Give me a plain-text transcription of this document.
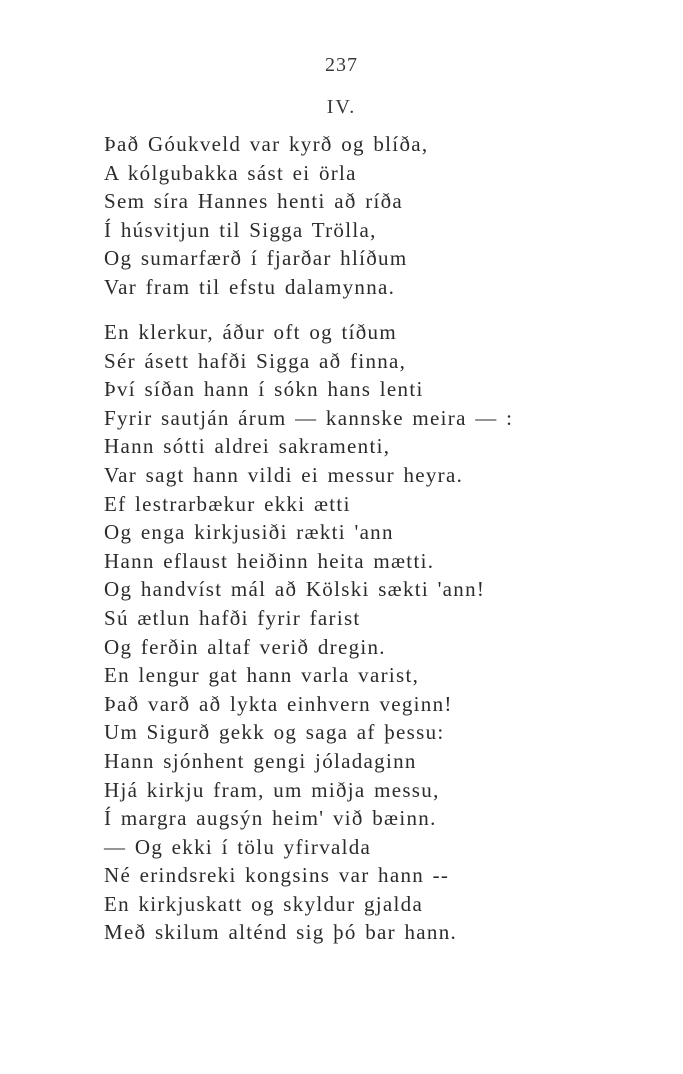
237
IV.
Það Góukveld var kyrð og blíða,
A kólgubakka sást ei örla
Sem síra Hannes henti að ríða
Í húsvitjun til Sigga Trölla,
Og sumarfærð í fjarðar hlíðum
Var fram til efstu dalamynna.
En klerkur, áður oft og tíðum
Sér ásett hafði Sigga að finna,
Því síðan hann í sókn hans lenti
Fyrir sautján árum — kannske meira — :
Hann sótti aldrei sakramenti,
Var sagt hann vildi ei messur heyra.
Ef lestrarbækur ekki ætti
Og enga kirkjusiði rækti 'ann
Hann eflaust heiðinn heita mætti.
Og handvíst mál að Kölski sækti 'ann!
Sú ætlun hafði fyrir farist
Og ferðin altaf verið dregin.
En lengur gat hann varla varist,
Það varð að lykta einhvern veginn!
Um Sigurð gekk og saga af þessu:
Hann sjónhent gengi jóladaginn
Hjá kirkju fram, um miðja messu,
Í margra augsýn heim' við bæinn.
— Og ekki í tölu yfirvalda
Né erindsreki kongsins var hann --
En kirkjuskatt og skyldur gjalda
Með skilum alténd sig þó bar hann.
